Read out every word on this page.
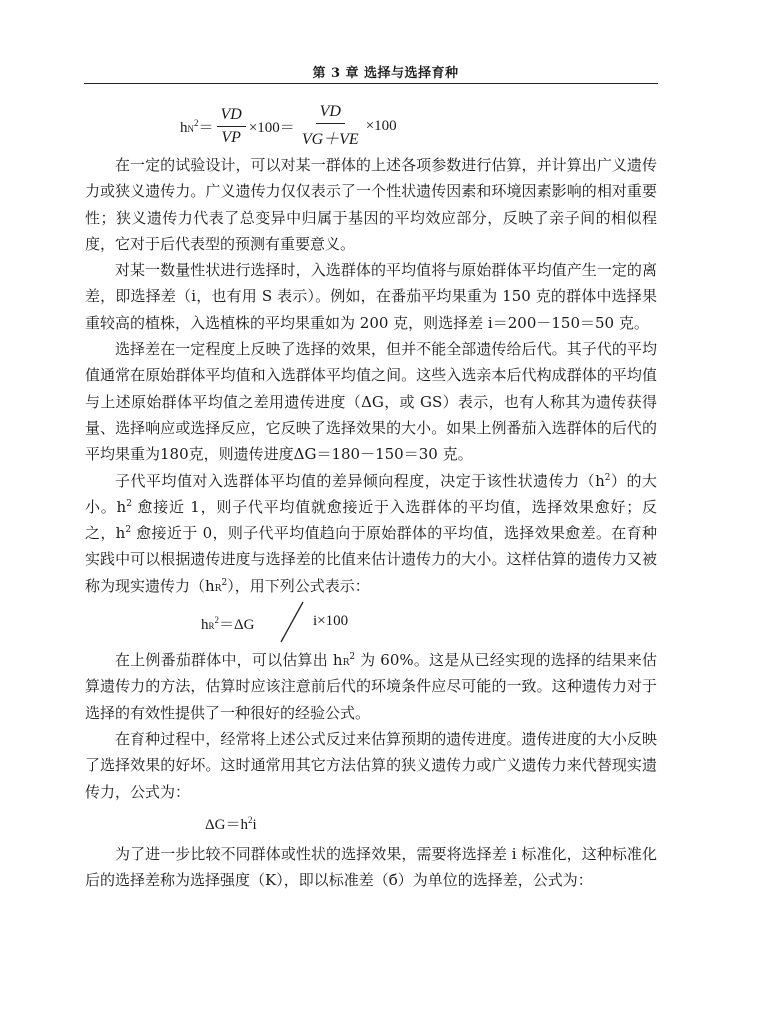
第 3 章 选择与选择育种
$hN^2= \frac{VD}{VP} \times 100= \frac{VD}{VG+VE} \times 100$

在一定的试验设计，可以对某一群体的上述各项参数进行估算，并计算出广义遗传力或狭义遗传力。广义遗传力仅仅表示了一个性状遗传因素和环境因素影响的相对重要性；狭义遗传力代表了总变异中归属于基因的平均效应部分，反映了亲子间的相似程度，它对于后代表型的预测有重要意义。

对某一数量性状进行选择时，入选群体的平均值将与原始群体平均值产生一定的离差，即选择差（i，也有用 S 表示）。例如，在番茄平均果重为 150 克的群体中选择果重较高的植株，入选植株的平均果重如为 200 克，则选择差 i＝200－150＝50 克。

选择差在一定程度上反映了选择的效果，但并不能全部遗传给后代。其子代的平均值通常在原始群体平均值和入选群体平均值之间。这些入选亲本后代构成群体的平均值与上述原始群体平均值之差用遗传进度（ΔG，或 GS）表示，也有人称其为遗传获得量、选择响应或选择反应，它反映了选择效果的大小。如果上例番茄入选群体的后代的平均果重为180克，则遗传进度ΔG＝180－150＝30 克。

子代平均值对入选群体平均值的差异倾向程度，决定于该性状遗传力$(h^2)$的大小。$h^2$ 愈接近 1，则子代平均值就愈接近于入选群体的平均值，选择效果愈好；反之，$h^2$ 愈接近于 0，则子代平均值趋向于原始群体的平均值，选择效果愈差。在育种实践中可以根据遗传进度与选择差的比值来估计遗传力的大小。这样估算的遗传力又被称为现实遗传力$(hR^2)$，用下列公式表示：

$hR^2=\Delta G$	i×100

在上例番茄群体中，可以估算出 $hR^2$ 为 60%。这是从已经实现的选择的结果来估算遗传力的方法，估算时应该注意前后代的环境条件应尽可能的一致。这种遗传力对于选择的有效性提供了一种很好的经验公式。

在育种过程中，经常将上述公式反过来估算预期的遗传进度。遗传进度的大小反映了选择效果的好坏。这时通常用其它方法估算的狭义遗传力或广义遗传力来代替现实遗传力，公式为：

$\Delta G=h^2i$

为了进一步比较不同群体或性状的选择效果，需要将选择差 i 标准化，这种标准化后的选择差称为选择强度（K），即以标准差（б）为单位的选择差，公式为：
